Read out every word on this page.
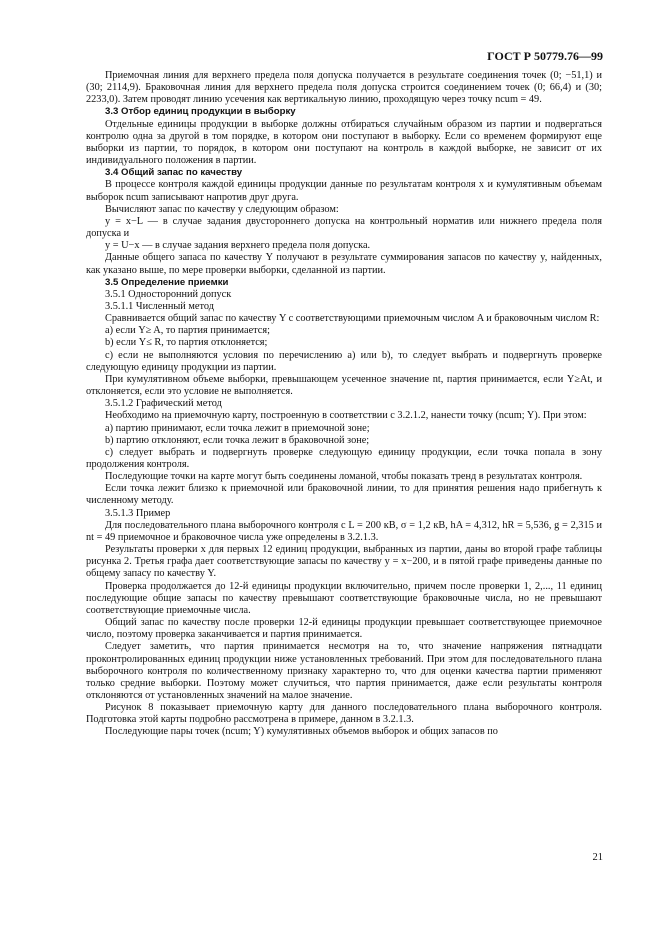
ГОСТ Р 50779.76—99
Приемочная линия для верхнего предела поля допуска получается в результате соединения точек (0; −51,1) и (30; 2114,9). Браковочная линия для верхнего предела поля допуска строится соединением точек (0; 66,4) и (30; 2233,0). Затем проводят линию усечения как вертикальную линию, проходящую через точку nсum = 49.
3.3 Отбор единиц продукции в выборку
Отдельные единицы продукции в выборке должны отбираться случайным образом из партии и подвергаться контролю одна за другой в том порядке, в котором они поступают в выборку. Если со временем формируют еще выборки из партии, то порядок, в котором они поступают на контроль в каждой выборке, не зависит от их индивидуального положения в партии.
3.4 Общий запас по качеству
В процессе контроля каждой единицы продукции данные по результатам контроля x и кумулятивным объемам выборок nсum записывают напротив друг друга.
Вычисляют запас по качеству y следующим образом:
y = x−L — в случае задания двустороннего допуска на контрольный норматив или нижнего предела поля допуска и
y = U−x — в случае задания верхнего предела поля допуска.
Данные общего запаса по качеству Y получают в результате суммирования запасов по качеству y, найденных, как указано выше, по мере проверки выборки, сделанной из партии.
3.5 Определение приемки
3.5.1 Односторонний допуск
3.5.1.1 Численный метод
Сравнивается общий запас по качеству Y с соответствующими приемочным числом A и браковочным числом R:
a) если Y≥ A, то партия принимается;
b) если Y≤ R, то партия отклоняется;
c) если не выполняются условия по перечислению a) или b), то следует выбрать и подвергнуть проверке следующую единицу продукции из партии.
При кумулятивном объеме выборки, превышающем усеченное значение nt, партия принимается, если Y≥At, и отклоняется, если это условие не выполняется.
3.5.1.2 Графический метод
Необходимо на приемочную карту, построенную в соответствии с 3.2.1.2, нанести точку (nсum; Y). При этом:
a) партию принимают, если точка лежит в приемочной зоне;
b) партию отклоняют, если точка лежит в браковочной зоне;
c) следует выбрать и подвергнуть проверке следующую единицу продукции, если точка попала в зону продолжения контроля.
Последующие точки на карте могут быть соединены ломаной, чтобы показать тренд в результатах контроля.
Если точка лежит близко к приемочной или браковочной линии, то для принятия решения надо прибегнуть к численному методу.
3.5.1.3 Пример
Для последовательного плана выборочного контроля с L = 200 кВ, σ = 1,2 кВ, hA = 4,312, hR = 5,536, g = 2,315 и nt = 49 приемочное и браковочное числа уже определены в 3.2.1.3.
Результаты проверки x для первых 12 единиц продукции, выбранных из партии, даны во второй графе таблицы рисунка 2. Третья графа дает соответствующие запасы по качеству y = x−200, и в пятой графе приведены данные по общему запасу по качеству Y.
Проверка продолжается до 12-й единицы продукции включительно, причем после проверки 1, 2,..., 11 единиц последующие общие запасы по качеству превышают соответствующие браковочные числа, но не превышают соответствующие приемочные числа.
Общий запас по качеству после проверки 12-й единицы продукции превышает соответствующее приемочное число, поэтому проверка заканчивается и партия принимается.
Следует заметить, что партия принимается несмотря на то, что значение напряжения пятнадцати проконтролированных единиц продукции ниже установленных требований. При этом для последовательного плана выборочного контроля по количественному признаку характерно то, что для оценки качества партии применяют только средние выборки. Поэтому может случиться, что партия принимается, даже если результаты контроля отклоняются от установленных значений на малое значение.
Рисунок 8 показывает приемочную карту для данного последовательного плана выборочного контроля. Подготовка этой карты подробно рассмотрена в примере, данном в 3.2.1.3.
Последующие пары точек (nсum; Y) кумулятивных объемов выборок и общих запасов по
21
